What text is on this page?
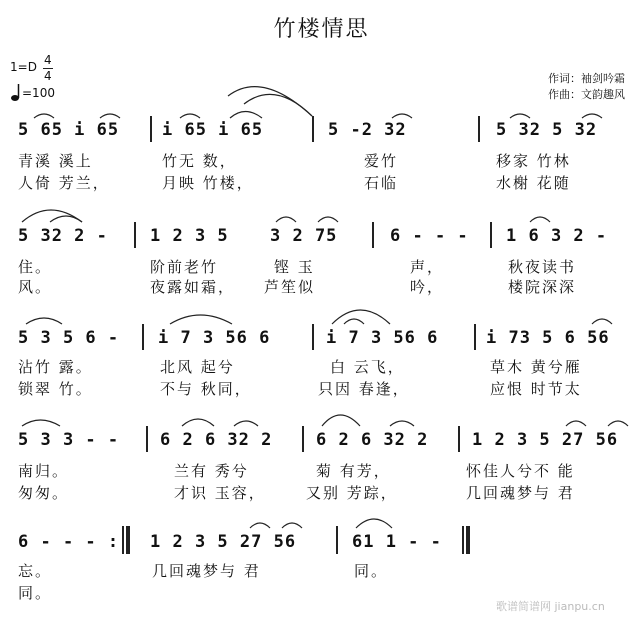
竹楼情思
1=D 4
4
=100
作词：袖剑吟霜
作曲：文韵趣风
5 65 i 65	i 65 i 65	5 -2 32	5 32 5 32
青溪 溪上	竹无 数，	爱竹	移家 竹林
人倚 芳兰，	月映 竹楼，	石临	水榭 花随
5 32 2 - 1 2 3 5 3 2 75	6 - - - 1 6 3 2 -
住。	阶前老竹	铿 玉	声，	秋夜读书
风。	夜露如霜， 芦笙似	吟，	楼院深深
5 3 5 6 - i 7 3 56 6	i 7 3 56 6	i 73 5 6 56
沾竹 露。	北风 起兮	白 云飞，	草木 黄兮雁
锁翠 竹。	不与 秋同，	只因 春逢，	应恨 时节太
5 3 3 - - 6 2 6 32 2	6 2 6 32 2	1 2 3 5 27 56
南归。	兰有 秀兮	菊 有芳，	怀佳人兮不 能
匆匆。	才识 玉容，	又别 芳踪，	几回魂梦与 君
6 - - - : 1 2 3 5 27 56	61 1 - -
忘。	几回魂梦与 君	同。
同。
歌谱简谱网 jianpu.cn
